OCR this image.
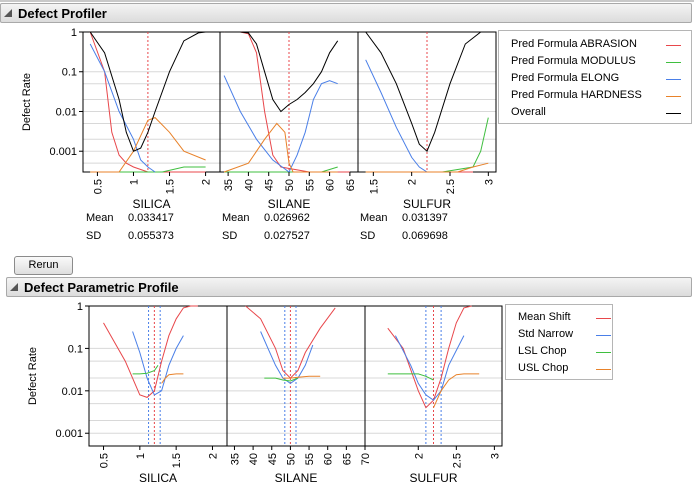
Defect Profiler
Defect Rate
1
0.1
0.01
0.001
0.5 1 1.5 2
SILICA
35 40 45 50 55 60 65
SILANE
1.5 2 2.5 3
SULFUR
Mean 0.033417
SD 0.055373
Mean 0.026962
SD 0.027527
Mean 0.031397
SD 0.069698
Pred Formula ABRASION
Pred Formula MODULUS
Pred Formula ELONG
Pred Formula HARDNESS
Overall
Rerun
Defect Parametric Profile
Defect Rate
1
0.1
0.01
0.001
0.5 1 1.5 2
SILICA
35 40 45 50 55 60 65 70
SILANE
2 2.5 3
SULFUR
Mean Shift
Std Narrow
LSL Chop
USL Chop
